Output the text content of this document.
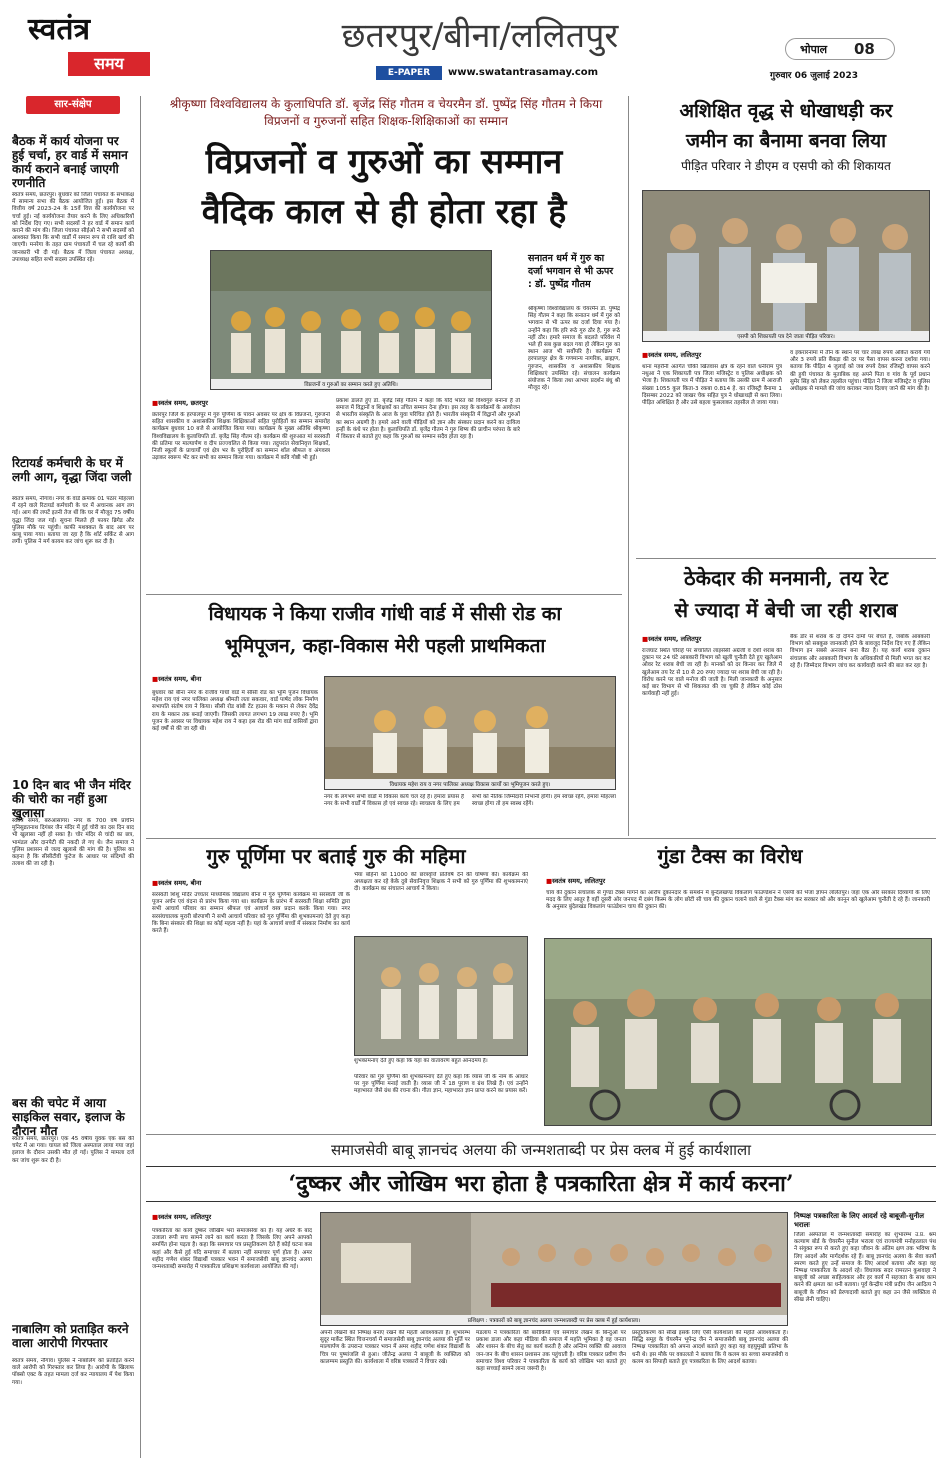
स्वतंत्र
समय
छतरपुर/बीना/ललितपुर
E-PAPER	www.swatantrasamay.com
भोपाल 08
गुरुवार 06 जुलाई 2023
सार-संक्षेप
बैठक में कार्य योजना पर हुई चर्चा, हर वार्ड में समान कार्य कराने बनाई जाएगी रणनीति
स्वतंत्र समय, छतरपुर। बुधवार को जिला पंचायत के सभाकक्ष में सामान्य सभा की बैठक आयोजित हुई। इस बैठक में वित्तीय वर्ष 2023-24 के 15वें वित्त की कार्ययोजना पर चर्चा हुई। नई कार्ययोजना तैयार करने के लिए अधिकारियों को निर्देश दिए गए। सभी सदस्यों ने हर वार्ड में समान कार्य कराने की मांग की। जिला पंचायत सीईओ ने सभी सदस्यों को आश्वस्त किया कि सभी वार्डों में समान रूप से राशि खर्च की जाएगी। मनरेगा के तहत ग्राम पंचायतों में चल रहे कार्यों की जानकारी भी दी गई। बैठक में जिला पंचायत अध्यक्ष, उपाध्यक्ष सहित सभी सदस्य उपस्थित रहे।
रिटायर्ड कर्मचारी के घर में लगी आग, वृद्धा जिंदा जली
स्वतंत्र समय, नौगांव। नगर के वार्ड क्रमांक 01 पठार मोहल्ला में रहने वाले रिटायर्ड कर्मचारी के घर में अचानक आग लग गई। आग की लपटें इतनी तेज थीं कि घर में मौजूद 75 वर्षीय वृद्धा जिंदा जल गईं। सूचना मिलते ही फायर ब्रिगेड और पुलिस मौके पर पहुंची। काफी मशक्कत के बाद आग पर काबू पाया गया। बताया जा रहा है कि शॉर्ट सर्किट से आग लगी। पुलिस ने मर्ग कायम कर जांच शुरू कर दी है।
10 दिन बाद भी जैन मंदिर की चोरी का नहीं हुआ खुलासा
स्वतंत्र समय, बरुआसागर। नगर के 700 वर्ष प्राचीन मुनिसुव्रतनाथ दिगंबर जैन मंदिर में हुई चोरी का दस दिन बाद भी खुलासा नहीं हो सका है। चोर मंदिर से चांदी का छत्र, भामंडल और दानपेटी की नकदी ले गए थे। जैन समाज ने पुलिस प्रशासन से जल्द खुलासे की मांग की है। पुलिस का कहना है कि सीसीटीवी फुटेज के आधार पर संदिग्धों की तलाश की जा रही है।
बस की चपेट में आया साइकिल सवार, इलाज के दौरान मौत
स्वतंत्र समय, छतरपुर। एक 45 वर्षीय युवक एक बस की चपेट में आ गया। घायल को जिला अस्पताल लाया गया जहां इलाज के दौरान उसकी मौत हो गई। पुलिस ने मामला दर्ज कर जांच शुरू कर दी है।
नाबालिग को प्रताड़ित करने वाला आरोपी गिरफ्तार
स्वतंत्र समय, नौगांव। पुलिस ने नाबालिग को प्रताड़ित करने वाले आरोपी को गिरफ्तार कर लिया है। आरोपी के खिलाफ पॉक्सो एक्ट के तहत मामला दर्ज कर न्यायालय में पेश किया गया।
श्रीकृष्णा विश्वविद्यालय के कुलाधिपति डॉ. बृजेंद्र सिंह गौतम व चेयरमैन डॉ. पुष्पेंद्र सिंह गौतम ने किया विप्रजनों व गुरुजनों सहित शिक्षक-शिक्षिकाओं का सम्मान
विप्रजनों व गुरुओं का सम्मान
वैदिक काल से ही होता रहा है
विप्रजनों व गुरुओं का सम्मान करते हुए अतिथि।
सनातन धर्म में गुरु का दर्जा भगवान से भी ऊपर : डॉ. पुष्पेंद्र गौतम
श्रीकृष्णा विश्वविद्यालय के चेयरमैन डॉ. पुष्पेंद्र सिंह गौतम ने कहा कि सनातन धर्म में गुरु को भगवान से भी ऊपर का दर्जा दिया गया है। उन्होंने कहा कि हरि रूठे गुरु ठौर है, गुरु रूठे नहीं ठौर। हमारे समाज के बदलते परिवेश में भले ही सब कुछ बदल गया हो लेकिन गुरु का स्थान आज भी सर्वोपरि है। कार्यक्रम में हरपालपुर क्षेत्र के गणमान्य नागरिक, ब्राह्मण, गुरुजन, शासकीय व अशासकीय शिक्षक शिक्षिकाएं उपस्थित रहे। संचालन कार्यक्रम संयोजक ने किया तथा आभार प्रदर्शन बंधु श्री मौजूद रहे।
■ स्वतंत्र समय, छतरपुर
छतरपुर जिले के हरपालपुर में गुरु पूर्णिमा के पावन अवसर पर क्षेत्र के विप्रजनों, गुरुजनों सहित शासकीय व अशासकीय शिक्षक शिक्षिकाओं सहित पुरोहितों का सम्मान समारोह कार्यक्रम बुधवार 10 बजे से आयोजित किया गया। कार्यक्रम के मुख्य अतिथि श्रीकृष्णा विश्वविद्यालय के कुलाधिपति डॉ. बृजेंद्र सिंह गौतम रहे। कार्यक्रम की शुरुआत मां सरस्वती की प्रतिमा पर माल्यार्पण व दीप प्रज्ज्वलित से किया गया। तदुपरांत सेवानिवृत्त शिक्षकों, निजी स्कूलों के प्राचार्यों एवं क्षेत्र भर के पुरोहितों का सम्मान शॉल श्रीफल व अंगवस्त्र उढ़ाकर स्वरूप भेंट कर सभी का सम्मान किया गया। कार्यक्रम में कवि गोष्ठी भी हुई।
प्रकाश डालते हुए डॉ. बृजेंद्र सिंह गौतम ने कहा कि यदि भारत को विश्वगुरु बनाना है तो समाज में विद्वानों व शिक्षकों का उचित सम्मान देना होगा। इस तरह के कार्यक्रमों के आयोजन से भारतीय संस्कृति के आज के युवा परिचित होते हैं। भारतीय संस्कृति में विद्वानों और गुरुओं का स्थान अग्रणी है। हमारे आने वाली पीढ़ियों को ज्ञान और संस्कार प्रदान करने का दायित्व इन्हीं के कंधे पर होता है। कुलाधिपति डॉ. बृजेंद्र गौतम ने गुरु शिष्य की प्राचीन परंपरा के बारे में विस्तार से बताते हुए कहा कि गुरुओं का सम्मान सदैव होता रहा है।
अशिक्षित वृद्ध से धोखाधड़ी कर
जमीन का बैनामा बनवा लिया
पीड़ित परिवार ने डीएम व एसपी को की शिकायत
एसपी को शिकायती पत्र देने जाता पीड़ित परिवार।
■ स्वतंत्र समय, ललितपुर
थाना महरौनी अंतर्गत चौकी खितवांस क्षेत्र के रहने वाले धनीराम पुत्र नथुआ ने एक शिकायती पत्र जिला मजिस्ट्रेट व पुलिस अधीक्षक को भेजा है। शिकायती पत्र में पीड़ित ने बताया कि उसकी ग्राम में आराजी संख्या 1055 कुल किता-3 रकबा 0.814 हे. का रजिस्ट्री बैनामा 1 दिसम्बर 2022 को जाखर चेक सहित पुत्र ने धोखाधड़ी से करा लिया। पीड़ित अशिक्षित है और उसे बहला फुसलाकर तहसील ले जाया गया।
व इकरारनामा में तीन के स्थान पर चार लाख रुपये अंकित कराये गये और 3 रुपये प्रति बैंकड़ा की दर पर पैसा वापस करना दर्शाया गया। बताया कि पीड़ित 4 जुलाई को जब रुपये देकर रजिस्ट्री वापस करने की हुयी पंचायत के मुताबिक वह अपने पिता व गांव के पूर्व प्रधान सुमेर सिंह को लेकर तहसील पहुंचा। पीड़ित ने जिला मजिस्ट्रेट व पुलिस अधीक्षक से मामले की जांच कराकर न्याय दिलाए जाने की मांग की है।
ठेकेदार की मनमानी, तय रेट
से ज्यादा में बेची जा रही शराब
■ स्वतंत्र समय, ललितपुर
राजघाट स्थित चौराहे पर संचालित लाइसेंसी अंग्रेजी व देशी शराब की दुकान पर 24 घंटे आबकारी विभाग को खुली चुनौती देते हुए खुलेआम ओवर रेट शराब बेची जा रही है। मानकों को दर किनार कर जिले में खुलेआम तय रेट से 10 से 20 रुपए ज्यादा पर शराब बेची जा रही है। विरोध करने पर वाले मनोज की जाती है। मिली जानकारी के अनुसार कई बार विभाग से भी शिकायत की जा चुकी है लेकिन कोई ठोस कार्यवाही नहीं हुई।
बैक डोर से शराब के दो दोगने दामों पर बेचते हैं, जबकि आबकारी विभाग को सबकुछ जानकारी होने के बावजूद निर्देश दिए गए हैं लेकिन विभाग इन सबसे अनजान बना बैठा है। यह कार्य शराब दुकान संचालक और आबकारी विभाग के अधिकारियों से मिली भगत कर कर रहे हैं। जिम्मेदार विभाग जांच कर कार्यवाही करने की बात कर रहा है।
विधायक ने किया राजीव गांधी वार्ड में सीसी रोड का
भूमिपूजन, कहा-विकास मेरी पहली प्राथमिकता
■ स्वतंत्र समय, बीना
बुधवार को बीना नगर के राजीव गांधी वार्ड में सीसी रोड का भूमि पूजन विधायक महेश राय एवं नगर पालिका अध्यक्ष श्रीमती लता सकवार, वार्ड पार्षद लोक निर्माण सभापति संतोष राय ने किया। सीसी रोड बांबी टेंट हाउस के मकान से लेकर देवेंद्र राय के मकान तक बनाई जाएगी। जिसकी लागत लगभग 19 लाख रुपए है। भूमि पूजन के अवसर पर विधायक महेश राय ने कहा इस रोड की मांग वार्ड वासियों द्वारा कई वर्षों से की जा रही थी।
विधायक महेश राय व नगर पालिका अध्यक्ष विकास कार्यों का भूमिपूजन करते हुए।
नगर के लगभग सभी वार्डों में विकास कार्य चल रहे हैं। हमारा प्रयास है नगर के सभी वार्डों में विकास हो एवं स्वच्छ रहे। स्वच्छता के लिए हम
सभी को नैतिक जिम्मेदारी निभानी होगी। हम स्वच्छ रहेंगे, हमारा मोहल्ला स्वच्छ होगा तो हम स्वस्थ रहेंगे।
गुरु पूर्णिमा पर बताई गुरु की महिमा
■ स्वतंत्र समय, बीना
सरस्वती शिशु मंदिर उच्चतर माध्यमिक विद्यालय बीना में गुरु पूर्णिमा कार्यक्रम मां सरस्वती जी के पूजन अर्चन एवं वंदना से प्रारंभ किया गया था। कार्यक्रम के प्रारंभ में सरस्वती शिक्षा समिति द्वारा सभी आचार्य परिवार का सम्मान श्रीफल एवं आचार्य वस्त्र प्रदान करके किया गया। नगर सरसंघचालक मुरारी बोरपाणी ने सभी आचार्य परिवार को गुरु पूर्णिमा की शुभकामनाएं देते हुए कहा कि बिना संस्कार की शिक्षा का कोई महत्व नहीं है। यहां के आचार्य बच्चों में संस्कार निर्माण का कार्य करते हैं।
भैया बहिनों को 11000 की छात्रवृत्ति प्रतिवर्ष देने की घोषणा की। कार्यक्रम की अध्यक्षता कर रहे केके दुबे सेवानिवृत्त शिक्षक ने सभी को गुरु पूर्णिमा की शुभकामनाएं दी। कार्यक्रम का संचालन आचार्य ने किया।
शुभकामनाएं देते हुए कहा कि यहां का वातावरण बहुत आनंदमय है।
परिवार को गुरु पूर्णिमा की शुभकामनाएं देते हुए कहा कि व्यास जी के नाम के आधार पर गुरु पूर्णिमा मनाई जाती है। व्यास जी ने 18 पुराण व ग्रंथ लिखे हैं। एवं उन्होंने महाभारत जैसे ग्रंथ की रचना की। गीता ज्ञान, महाभारत ज्ञान प्राप्त करने का प्रयास करें।
गुंडा टैक्स का विरोध
■ स्वतंत्र समय, ललितपुर
चाय की दुकान संचालक से गुण्डा टैक्स मांगने का आरोप दुकानदार के समर्थन में बुन्देलखण्ड विकलांग फाउण्डेशन ने एसपी को भेजा ज्ञापन ललितपुर। जहां एक ओर सरकार दिव्यांगों के लिए मदद के लिए आतुर है वहीं दूसरी ओर जनपद में दबंग किस्म के लोग छोटी सी चाय की दुकान चलाने वाले से गुंडा टैक्स मांग कर सरकार को और कानून को खुलेआम चुनौती दे रहे हैं। जानकारी के अनुसार बुंदेलखंड विकलांग फाउंडेशन चाय की दुकान की।
समाजसेवी बाबू ज्ञानचंद अलया की जन्मशताब्दी पर प्रेस क्लब में हुई कार्यशाला
‘दुष्कर और जोखिम भरा होता है पत्रकारिता क्षेत्र में कार्य करना’
■ स्वतंत्र समय, ललितपुर
पत्रकारिता का कार्य दुष्कर जोखिम भरा समाजसेवा का है। यह अंधेरे के बाद उजाला रूपी सच सामने लाने का कार्य करता है जिसके लिए अपने आपको समर्पित होना पड़ता है। कहा कि समाचार पत्र प्रस्तुतिकरण देते हैं कोई घटना कब कहां और कैसे हुई यदि समाचार में बताया नहीं समाचार पूर्ण होता है। अमर शहीद गणेश शंकर विद्यार्थी पत्रकार भवन में समाजसेवी बाबू ज्ञानचंद अलया जन्मशताब्दी समारोह में पत्रकारिता प्रशिक्षण कार्यशाला आयोजित की गई।
प्रशिक्षण : पत्रकारों को बाबू ज्ञानचंद अलया जन्मशताब्दी पर प्रेस क्लब में हुई कार्यशाला।
अपनी लेखनी को निष्पक्ष बनाए रखने की महती आवश्यकता है। शुभारम्भ सुदूर मार्केट स्थित चित्तनचर्या में समाजसेवी बाबू ज्ञानचंद अलया की मूर्ति पर माल्यार्पण के उपरान्त पत्रकार भवन में अमर शहीद गणेश शंकर विद्यार्थी के चित्र पर पुष्पांजलि से हुआ। जीतेन्द्र अलया ने बाबूजी के व्यक्तित्व को कालम्पम प्रस्तुति की। कार्यशाला में वरिष्ठ पत्रकारों ने विचार रखे।
मंडलाय ने पत्रकारिता की बारीकियों एवं समाचार लेखन के बिन्दुओं पर प्रकाश डाला और कहा मीडिया की समाज में महति भूमिका है वह जनता और शासन के बीच सेतु का कार्य करती है और अन्तिम व्यक्ति की आवाज जन-जन के बीच शासन प्रशासन तक पहुंचाती है। वरिष्ठ पत्रकार प्रवीण जैन समाचार विश्व परिवार ने पत्रकारिता के कार्य को जोखिम भरा बताते हुए कहा सच्चाई सामने लाना जरूरी है।
प्रस्तुतिकरण को सीखे इसके लिए ऐसी कार्यशाला की महति आवश्यकता है। सिद्धि समूह के चेयरमैन भूपेन्द्र जैन ने समाजसेवी बाबू ज्ञानचंद अलया की निष्पक्ष पत्रकारिता को अपना आदर्श बताते हुए कहा यह वहयुमुखी प्रतिभा के धनी थे। इस मौके पर वकालतो ने बताया कि ये कलम का सच्चा समाजसेवी व कलम का सिपाही बताते हुए पत्रकारिता के लिए आदर्श बताया।
निष्पक्ष पत्रकारिता के लिए आदर्श रहे बाबूजी-सुनील भरालः
जिला अस्पताल में जन्मशताब्दी समारोह का शुभारम्भ उ.प्र. श्रम कल्याण बोर्ड के चेयरमैन सुनील भराला एवं राज्यमंत्री मनोहरलाल पंथ ने संयुक्त रूप से करते हुए कहा जीवन के अंतिम क्षण तक भविष्य के लिए आदर्श और मार्गदर्शक रहे हैं। बाबू ज्ञानचंद अलया के सेवा कार्यों स्मरण करते हुए उन्हें समाज के लिए आदर्श बताया और कहा वह निष्पक्ष पत्रकारिता के आदर्श रहे। विधायक सदर रामरतन कुशवाहा ने बाबूजी को अच्छा साहित्यकार और हर कार्य में सहजता के साथ काम करने की क्षमता का धनी बताया। पूर्व केन्द्रीय मंत्री प्रदीप जैन आदित्य ने बाबूजी के जीवन को प्रेरणादायी बताते हुए कहा उन जैसे व्यक्तित्व से सीख लेनी चाहिए।
